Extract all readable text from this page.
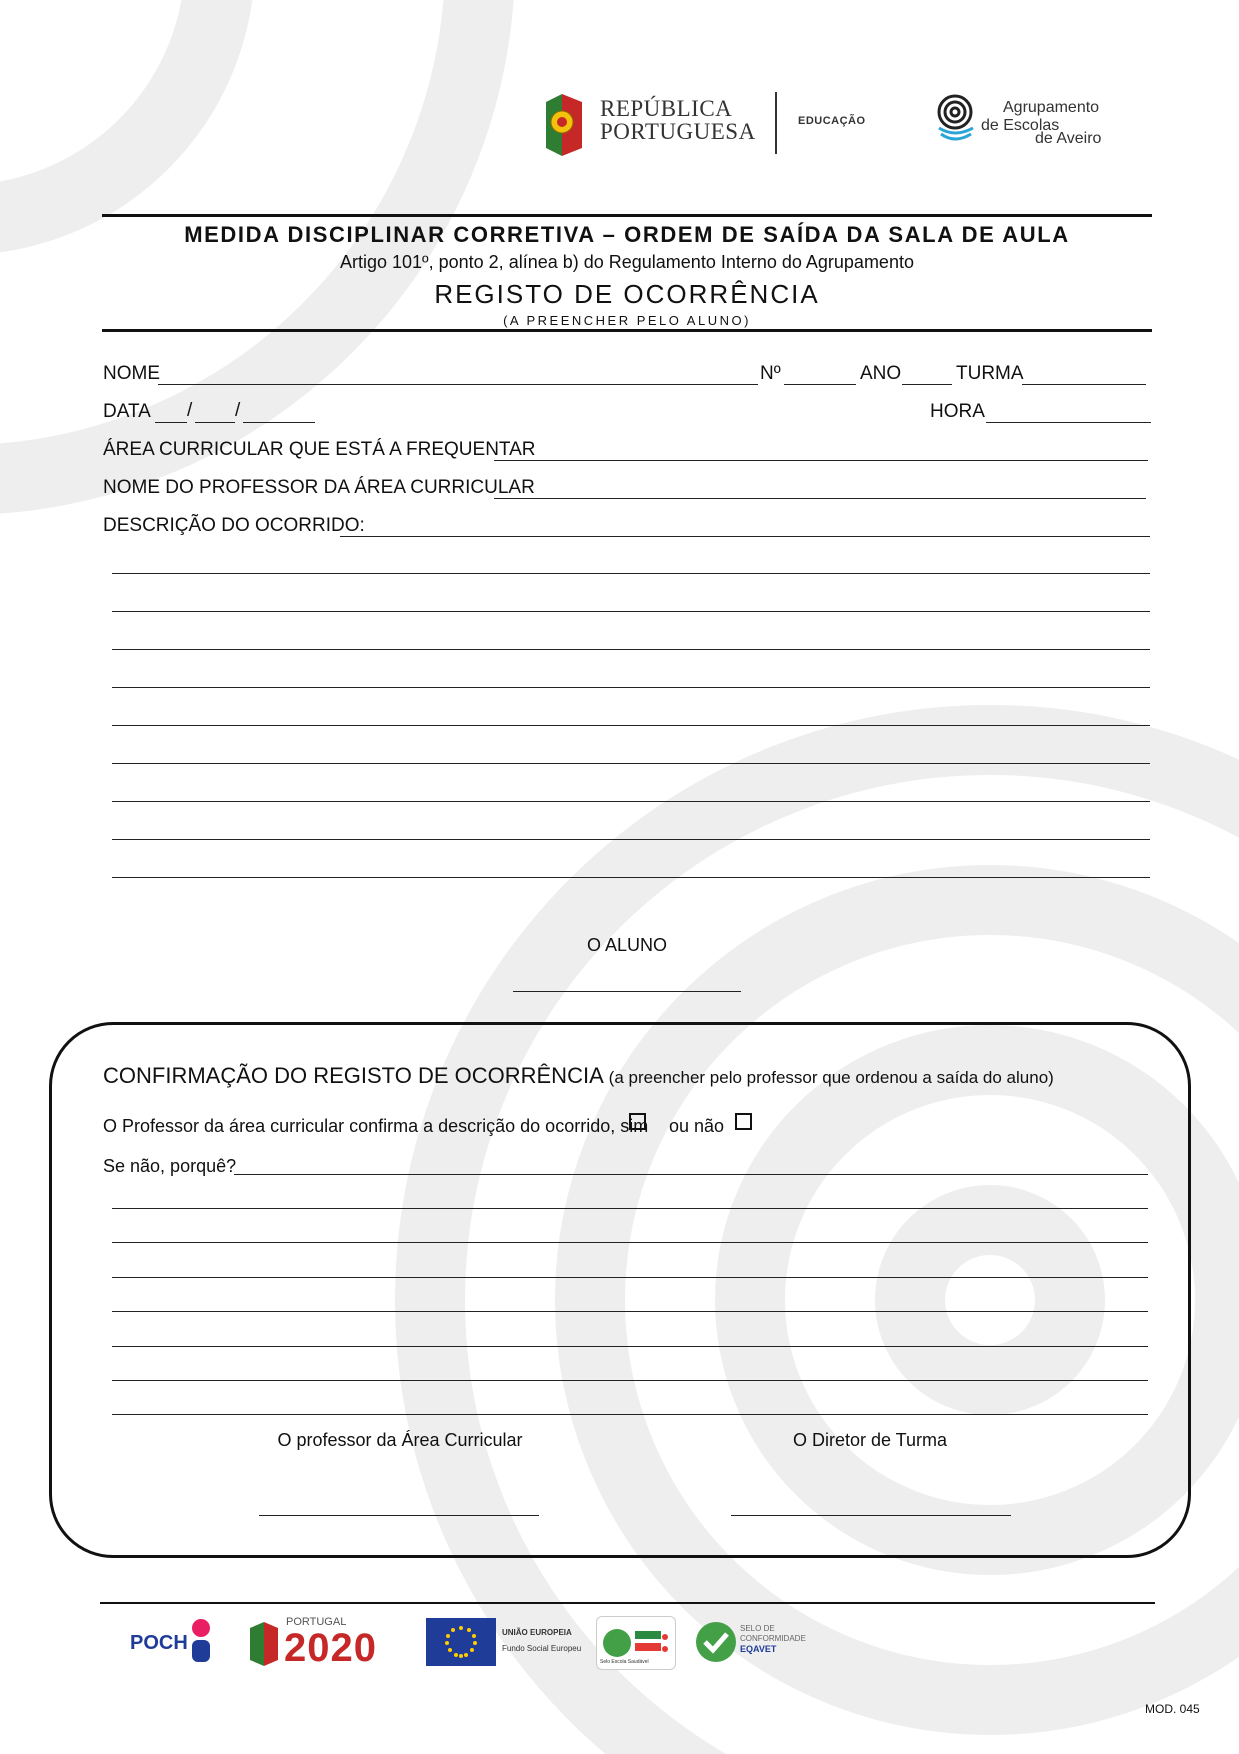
REPÚBLICA
PORTUGUESA	EDUCAÇÃO
Agrupamento
de Escolas
de Aveiro
MEDIDA DISCIPLINAR CORRETIVA – ORDEM DE SAÍDA DA SALA DE AULA
Artigo 101º, ponto 2, alínea b) do Regulamento Interno do Agrupamento
REGISTO DE OCORRÊNCIA
(A PREENCHER PELO ALUNO)
NOME	Nº	ANO	TURMA
DATA / /	HORA
ÁREA CURRICULAR QUE ESTÁ A FREQUENTAR
NOME DO PROFESSOR DA ÁREA CURRICULAR
DESCRIÇÃO DO OCORRIDO:
O ALUNO
CONFIRMAÇÃO DO REGISTO DE OCORRÊNCIA (a preencher pelo professor que ordenou a saída do aluno)
O Professor da área curricular confirma a descrição do ocorrido, sim ou não
Se não, porquê?
O professor da Área Curricular	O Diretor de Turma
POCH
PORTUGAL
2020	UNIÃO EUROPEIA
Fundo Social Europeu
Selo Escola Saudável
SELO DE
CONFORMIDADE
EQAVET
MOD. 045
